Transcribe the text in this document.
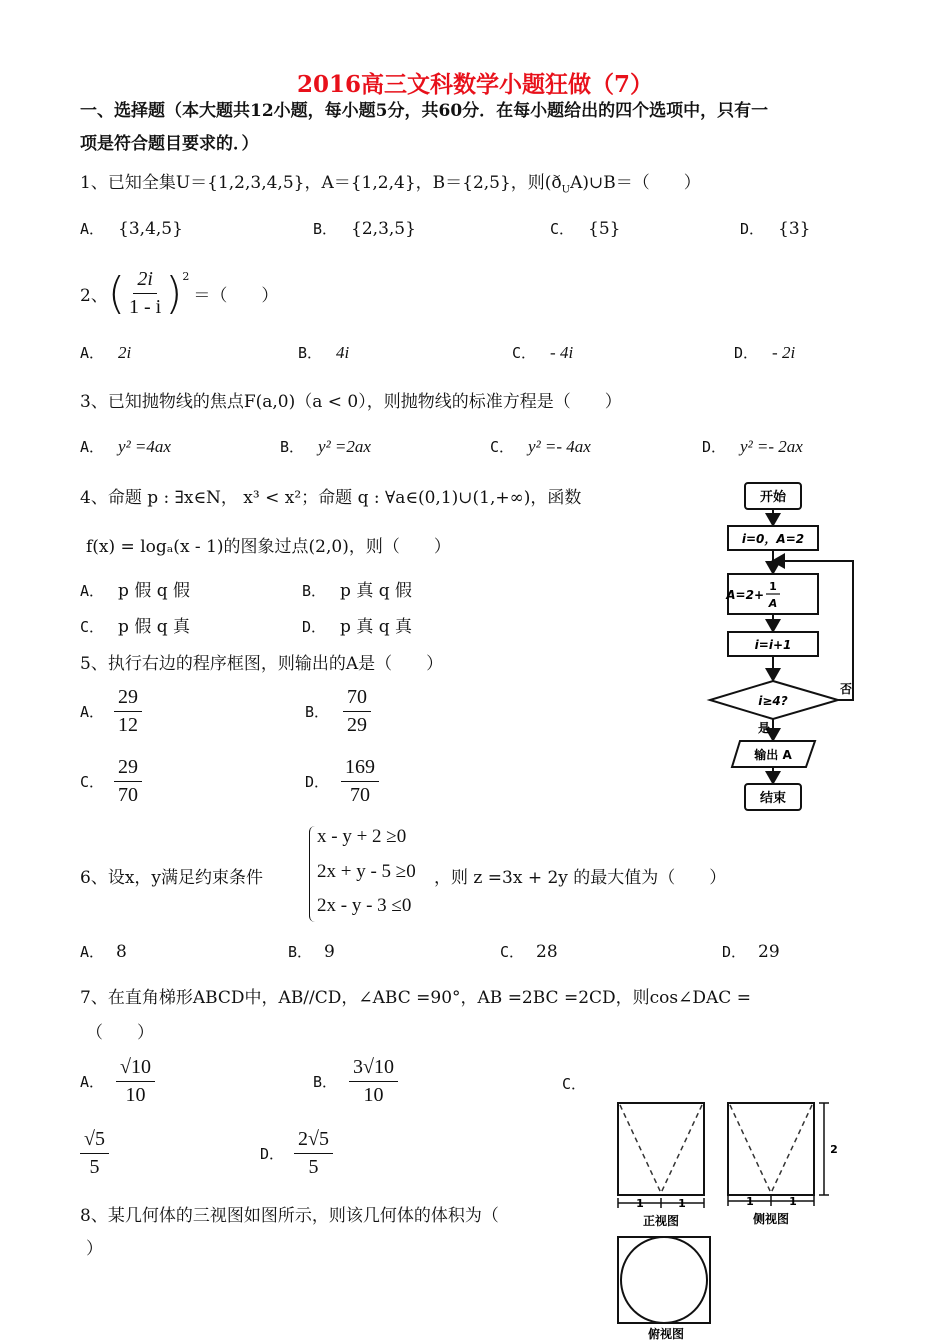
2016高三文科数学小题狂做（7）
一、选择题（本大题共12小题，每小题5分，共60分．在每小题给出的四个选项中，只有一
项是符合题目要求的．）
1、已知全集U＝{1,2,3,4,5}，A＝{1,2,4}，B＝{2,5}，则$(ð_UA)\cup B=$（　　）
A． {3,4,5}	B． {2,3,5}	C． {5}	D． {3}
2、 ( $\frac{2i}{1 - i} )^2$
＝（　　）
A． 2i	B． 4i	C． - 4i	D． - 2i
3、已知抛物线的焦点F(a,0)（a < 0），则抛物线的标准方程是（　　）
A． y² =4ax	B． y² =2ax	C． y² =- 4ax	D． y² =- 2ax
4、命题 p : ∃x∈N， x³ < x²；命题 q : ∀a∈(0,1)∪(1,+∞)，函数
f(x) = logₐ(x - 1)的图象过点(2,0)，则（　　）
A． p 假 q 假	B． p 真 q 假
C． p 假 q 真	D． p 真 q 真
5、执行右边的程序框图，则输出的A是（　　）
A． $\frac{29}{12}$	B． $\frac{70}{29}$
C． $\frac{29}{70}$	D． $\frac{169}{70}$
开始
i=0，A=2
A=2+
1
A
i=i+1
i≥4?
否
是
输出 A
结束
x - y + 2 ≥0
2x + y - 5 ≥0
2x - y - 3 ≤0
6、设x，y满足约束条件	，则 z =3x + 2y 的最大值为（　　）
A． 8	B． 9	C． 28	D． 29
7、在直角梯形ABCD中，AB//CD，∠ABC =90°，AB =2BC =2CD，则cos∠DAC =
（　　）
A． $\frac{√10}{10}$	B． $\frac{3√10}{10}$	C．
$\frac{√5}{5}$	D． $\frac{2√5}{5}$
8、某几何体的三视图如图所示，则该几何体的体积为（
）
1	1
正视图
1	1
2
侧视图
俯视图
